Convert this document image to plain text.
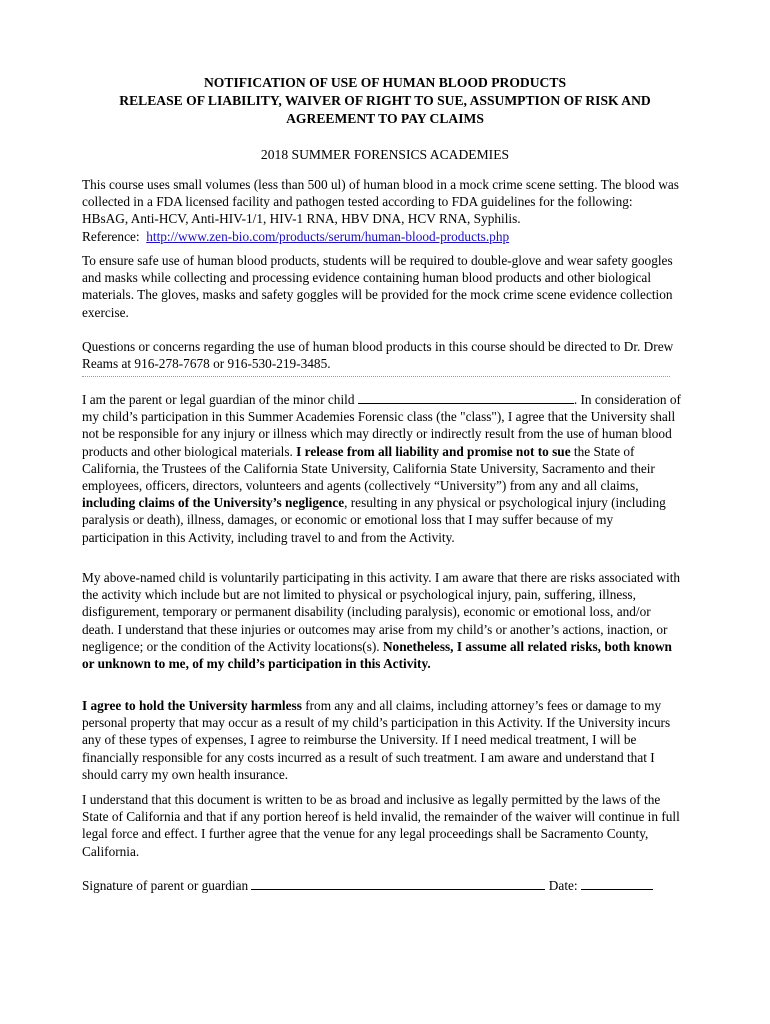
NOTIFICATION OF USE OF HUMAN BLOOD PRODUCTS
RELEASE OF LIABILITY, WAIVER OF RIGHT TO SUE, ASSUMPTION OF RISK AND
AGREEMENT TO PAY CLAIMS

2018 SUMMER FORENSICS ACADEMIES

This course uses small volumes (less than 500 ul) of human blood in a mock crime scene setting. The blood was collected in a FDA licensed facility and pathogen tested according to FDA guidelines for the following: HBsAG, Anti-HCV, Anti-HIV-1/1, HIV-1 RNA, HBV DNA, HCV RNA, Syphilis.
Reference: http://www.zen-bio.com/products/serum/human-blood-products.php

To ensure safe use of human blood products, students will be required to double-glove and wear safety googles and masks while collecting and processing evidence containing human blood products and other biological materials. The gloves, masks and safety goggles will be provided for the mock crime scene evidence collection exercise.

Questions or concerns regarding the use of human blood products in this course should be directed to Dr. Drew Reams at 916-278-7678 or 916-530-219-3485.

I am the parent or legal guardian of the minor child	. In consideration of my child’s participation in this Summer Academies Forensic class (the "class"), I agree that the University shall not be responsible for any injury or illness which may directly or indirectly result from the use of human blood products and other biological materials. I release from all liability and promise not to sue the State of California, the Trustees of the California State University, California State University, Sacramento and their employees, officers, directors, volunteers and agents (collectively “University”) from any and all claims, including claims of the University’s negligence, resulting in any physical or psychological injury (including paralysis or death), illness, damages, or economic or emotional loss that I may suffer because of my participation in this Activity, including travel to and from the Activity.

My above-named child is voluntarily participating in this activity. I am aware that there are risks associated with the activity which include but are not limited to physical or psychological injury, pain, suffering, illness, disfigurement, temporary or permanent disability (including paralysis), economic or emotional loss, and/or death. I understand that these injuries or outcomes may arise from my child’s or another’s actions, inaction, or negligence; or the condition of the Activity locations(s). Nonetheless, I assume all related risks, both known or unknown to me, of my child’s participation in this Activity.

I agree to hold the University harmless from any and all claims, including attorney’s fees or damage to my personal property that may occur as a result of my child’s participation in this Activity. If the University incurs any of these types of expenses, I agree to reimburse the University. If I need medical treatment, I will be financially responsible for any costs incurred as a result of such treatment. I am aware and understand that I should carry my own health insurance.

I understand that this document is written to be as broad and inclusive as legally permitted by the laws of the State of California and that if any portion hereof is held invalid, the remainder of the waiver will continue in full legal force and effect. I further agree that the venue for any legal proceedings shall be Sacramento County, California.

Signature of parent or guardian	Date:
